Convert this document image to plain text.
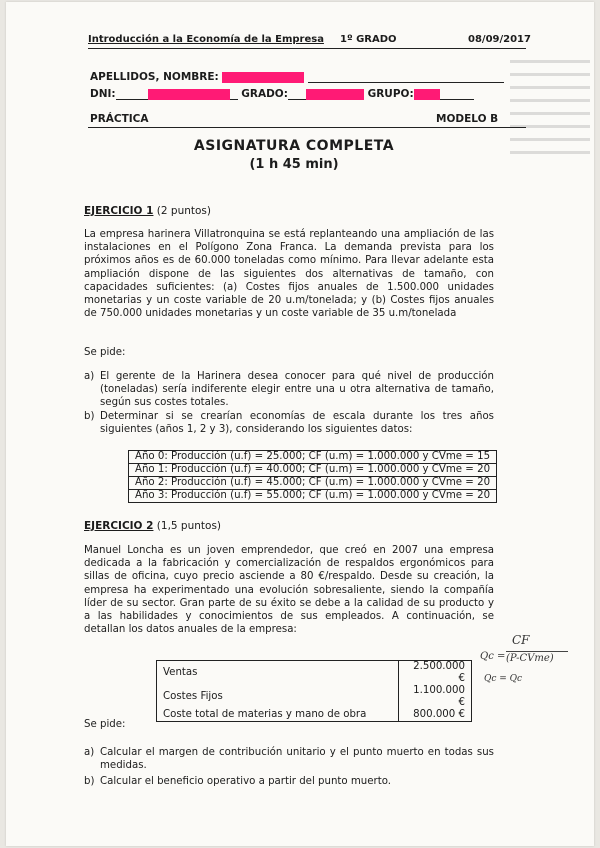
Introducción a la Economía de la Empresa 1º GRADO	08/09/2017
APELLIDOS, NOMBRE:
DNI:	GRADO:	GRUPO:
PRÁCTICA	MODELO B
ASIGNATURA COMPLETA
(1 h 45 min)
EJERCICIO 1 (2 puntos)
La empresa harinera Villatronquina se está replanteando una ampliación de las instalaciones en el Polígono Zona Franca. La demanda prevista para los próximos años es de 60.000 toneladas como mínimo. Para llevar adelante esta ampliación dispone de las siguientes dos alternativas de tamaño, con capacidades suficientes: (a) Costes fijos anuales de 1.500.000 unidades monetarias y un coste variable de 20 u.m/tonelada; y (b) Costes fijos anuales de 750.000 unidades monetarias y un coste variable de 35 u.m/tonelada
Se pide:
a) El gerente de la Harinera desea conocer para qué nivel de producción (toneladas) sería indiferente elegir entre una u otra alternativa de tamaño, según sus costes totales.
b) Determinar si se crearían economías de escala durante los tres años siguientes (años 1, 2 y 3), considerando los siguientes datos:
Año 0: Producción (u.f) = 25.000; CF (u.m) = 1.000.000 y CVme = 15
Año 1: Producción (u.f) = 40.000; CF (u.m) = 1.000.000 y CVme = 20
Año 2: Producción (u.f) = 45.000; CF (u.m) = 1.000.000 y CVme = 20
Año 3: Producción (u.f) = 55.000; CF (u.m) = 1.000.000 y CVme = 20
EJERCICIO 2 (1,5 puntos)
Manuel Loncha es un joven emprendedor, que creó en 2007 una empresa dedicada a la fabricación y comercialización de respaldos ergonómicos para sillas de oficina, cuyo precio asciende a 80 €/respaldo. Desde su creación, la empresa ha experimentado una evolución sobresaliente, siendo la compañía líder de su sector. Gran parte de su éxito se debe a la calidad de su producto y a las habilidades y conocimientos de sus empleados. A continuación, se detallan los datos anuales de la empresa:
Ventas	2.500.000 €
Costes Fijos	1.100.000 €
Coste total de materias y mano de obra	800.000 €
Qc =
CF
(P-CVme)
Qc = Qc
Se pide:
a) Calcular el margen de contribución unitario y el punto muerto en todas sus medidas.
b) Calcular el beneficio operativo a partir del punto muerto.
